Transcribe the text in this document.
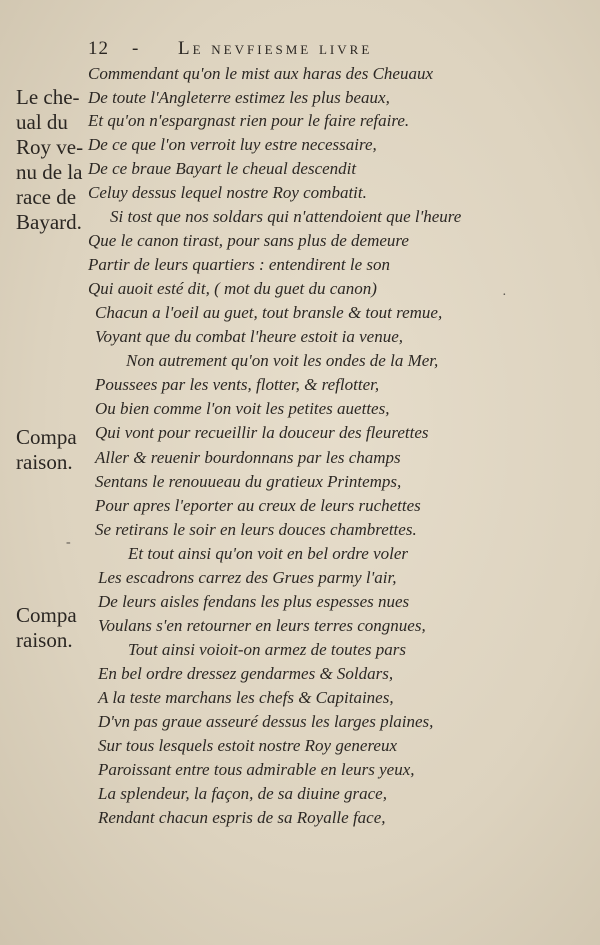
12 - Le nevfiesme livre
Le che-
ual du
Roy ve-
nu de la
race de
Bayard.
Compa
raison.
Compa
raison.
-
·
Commendant qu'on le mist aux haras des Cheuaux
De toute l'Angleterre estimez les plus beaux,
Et qu'on n'espargnast rien pour le faire refaire.
De ce que l'on verroit luy estre necessaire,
De ce braue Bayart le cheual descendit
Celuy dessus lequel nostre Roy combatit.
Si tost que nos soldars qui n'attendoient que l'heure
Que le canon tirast, pour sans plus de demeure
Partir de leurs quartiers : entendirent le son
Qui auoit esté dit, ( mot du guet du canon)
Chacun a l'oeil au guet, tout bransle & tout remue,
Voyant que du combat l'heure estoit ia venue,
Non autrement qu'on voit les ondes de la Mer,
Poussees par les vents, flotter, & reflotter,
Ou bien comme l'on voit les petites auettes,
Qui vont pour recueillir la douceur des fleurettes
Aller & reuenir bourdonnans par les champs
Sentans le renouueau du gratieux Printemps,
Pour apres l'eporter au creux de leurs ruchettes
Se retirans le soir en leurs douces chambrettes.
Et tout ainsi qu'on voit en bel ordre voler
Les escadrons carrez des Grues parmy l'air,
De leurs aisles fendans les plus espesses nues
Voulans s'en retourner en leurs terres congnues,
Tout ainsi voioit-on armez de toutes pars
En bel ordre dressez gendarmes & Soldars,
A la teste marchans les chefs & Capitaines,
D'vn pas graue asseuré dessus les larges plaines,
Sur tous lesquels estoit nostre Roy genereux
Paroissant entre tous admirable en leurs yeux,
La splendeur, la façon, de sa diuine grace,
Rendant chacun espris de sa Royalle face,
